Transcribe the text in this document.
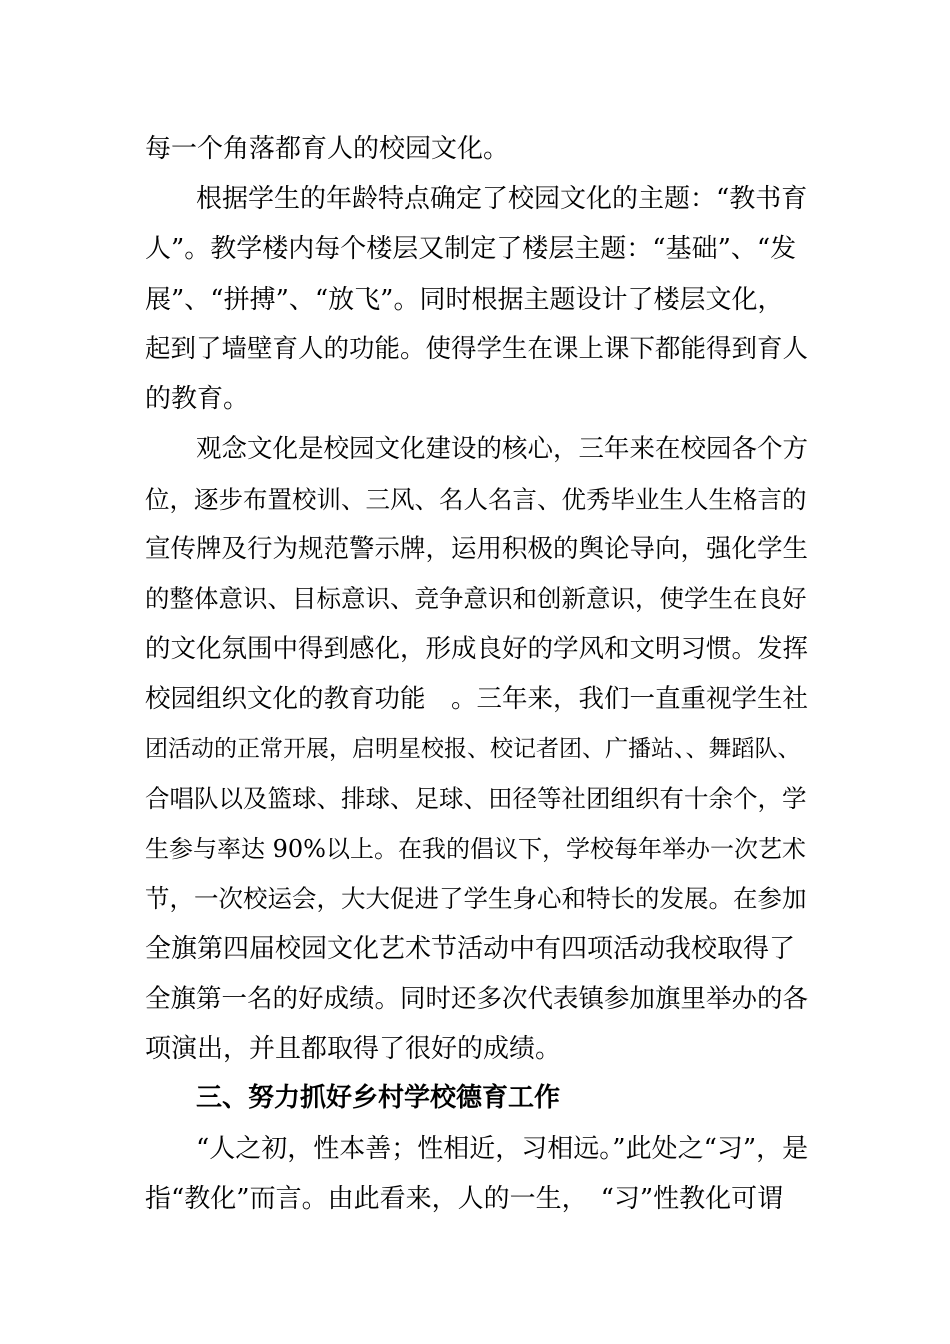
每一个角落都育人的校园文化。
根据学生的年龄特点确定了校园文化的主题：“教书育
人”。教学楼内每个楼层又制定了楼层主题：“基础”、“发
展”、“拼搏”、“放飞”。同时根据主题设计了楼层文化，
起到了墙壁育人的功能。使得学生在课上课下都能得到育人
的教育。
观念文化是校园文化建设的核心，三年来在校园各个方
位，逐步布置校训、三风、名人名言、优秀毕业生人生格言的
宣传牌及行为规范警示牌，运用积极的舆论导向，强化学生
的整体意识、目标意识、竞争意识和创新意识，使学生在良好
的文化氛围中得到感化，形成良好的学风和文明习惯。发挥
校园组织文化的教育功能　。三年来，我们一直重视学生社
团活动的正常开展，启明星校报、校记者团、广播站、、舞蹈队、
合唱队以及篮球、排球、足球、田径等社团组织有十余个，学
生参与率达 90%以上。在我的倡议下，学校每年举办一次艺术
节，一次校运会，大大促进了学生身心和特长的发展。在参加
全旗第四届校园文化艺术节活动中有四项活动我校取得了
全旗第一名的好成绩。同时还多次代表镇参加旗里举办的各
项演出，并且都取得了很好的成绩。
三、努力抓好乡村学校德育工作
“人之初，性本善；性相近，习相远。”此处之“习”，是
指“教化”而言。由此看来，人的一生，　“习”性教化可谓
